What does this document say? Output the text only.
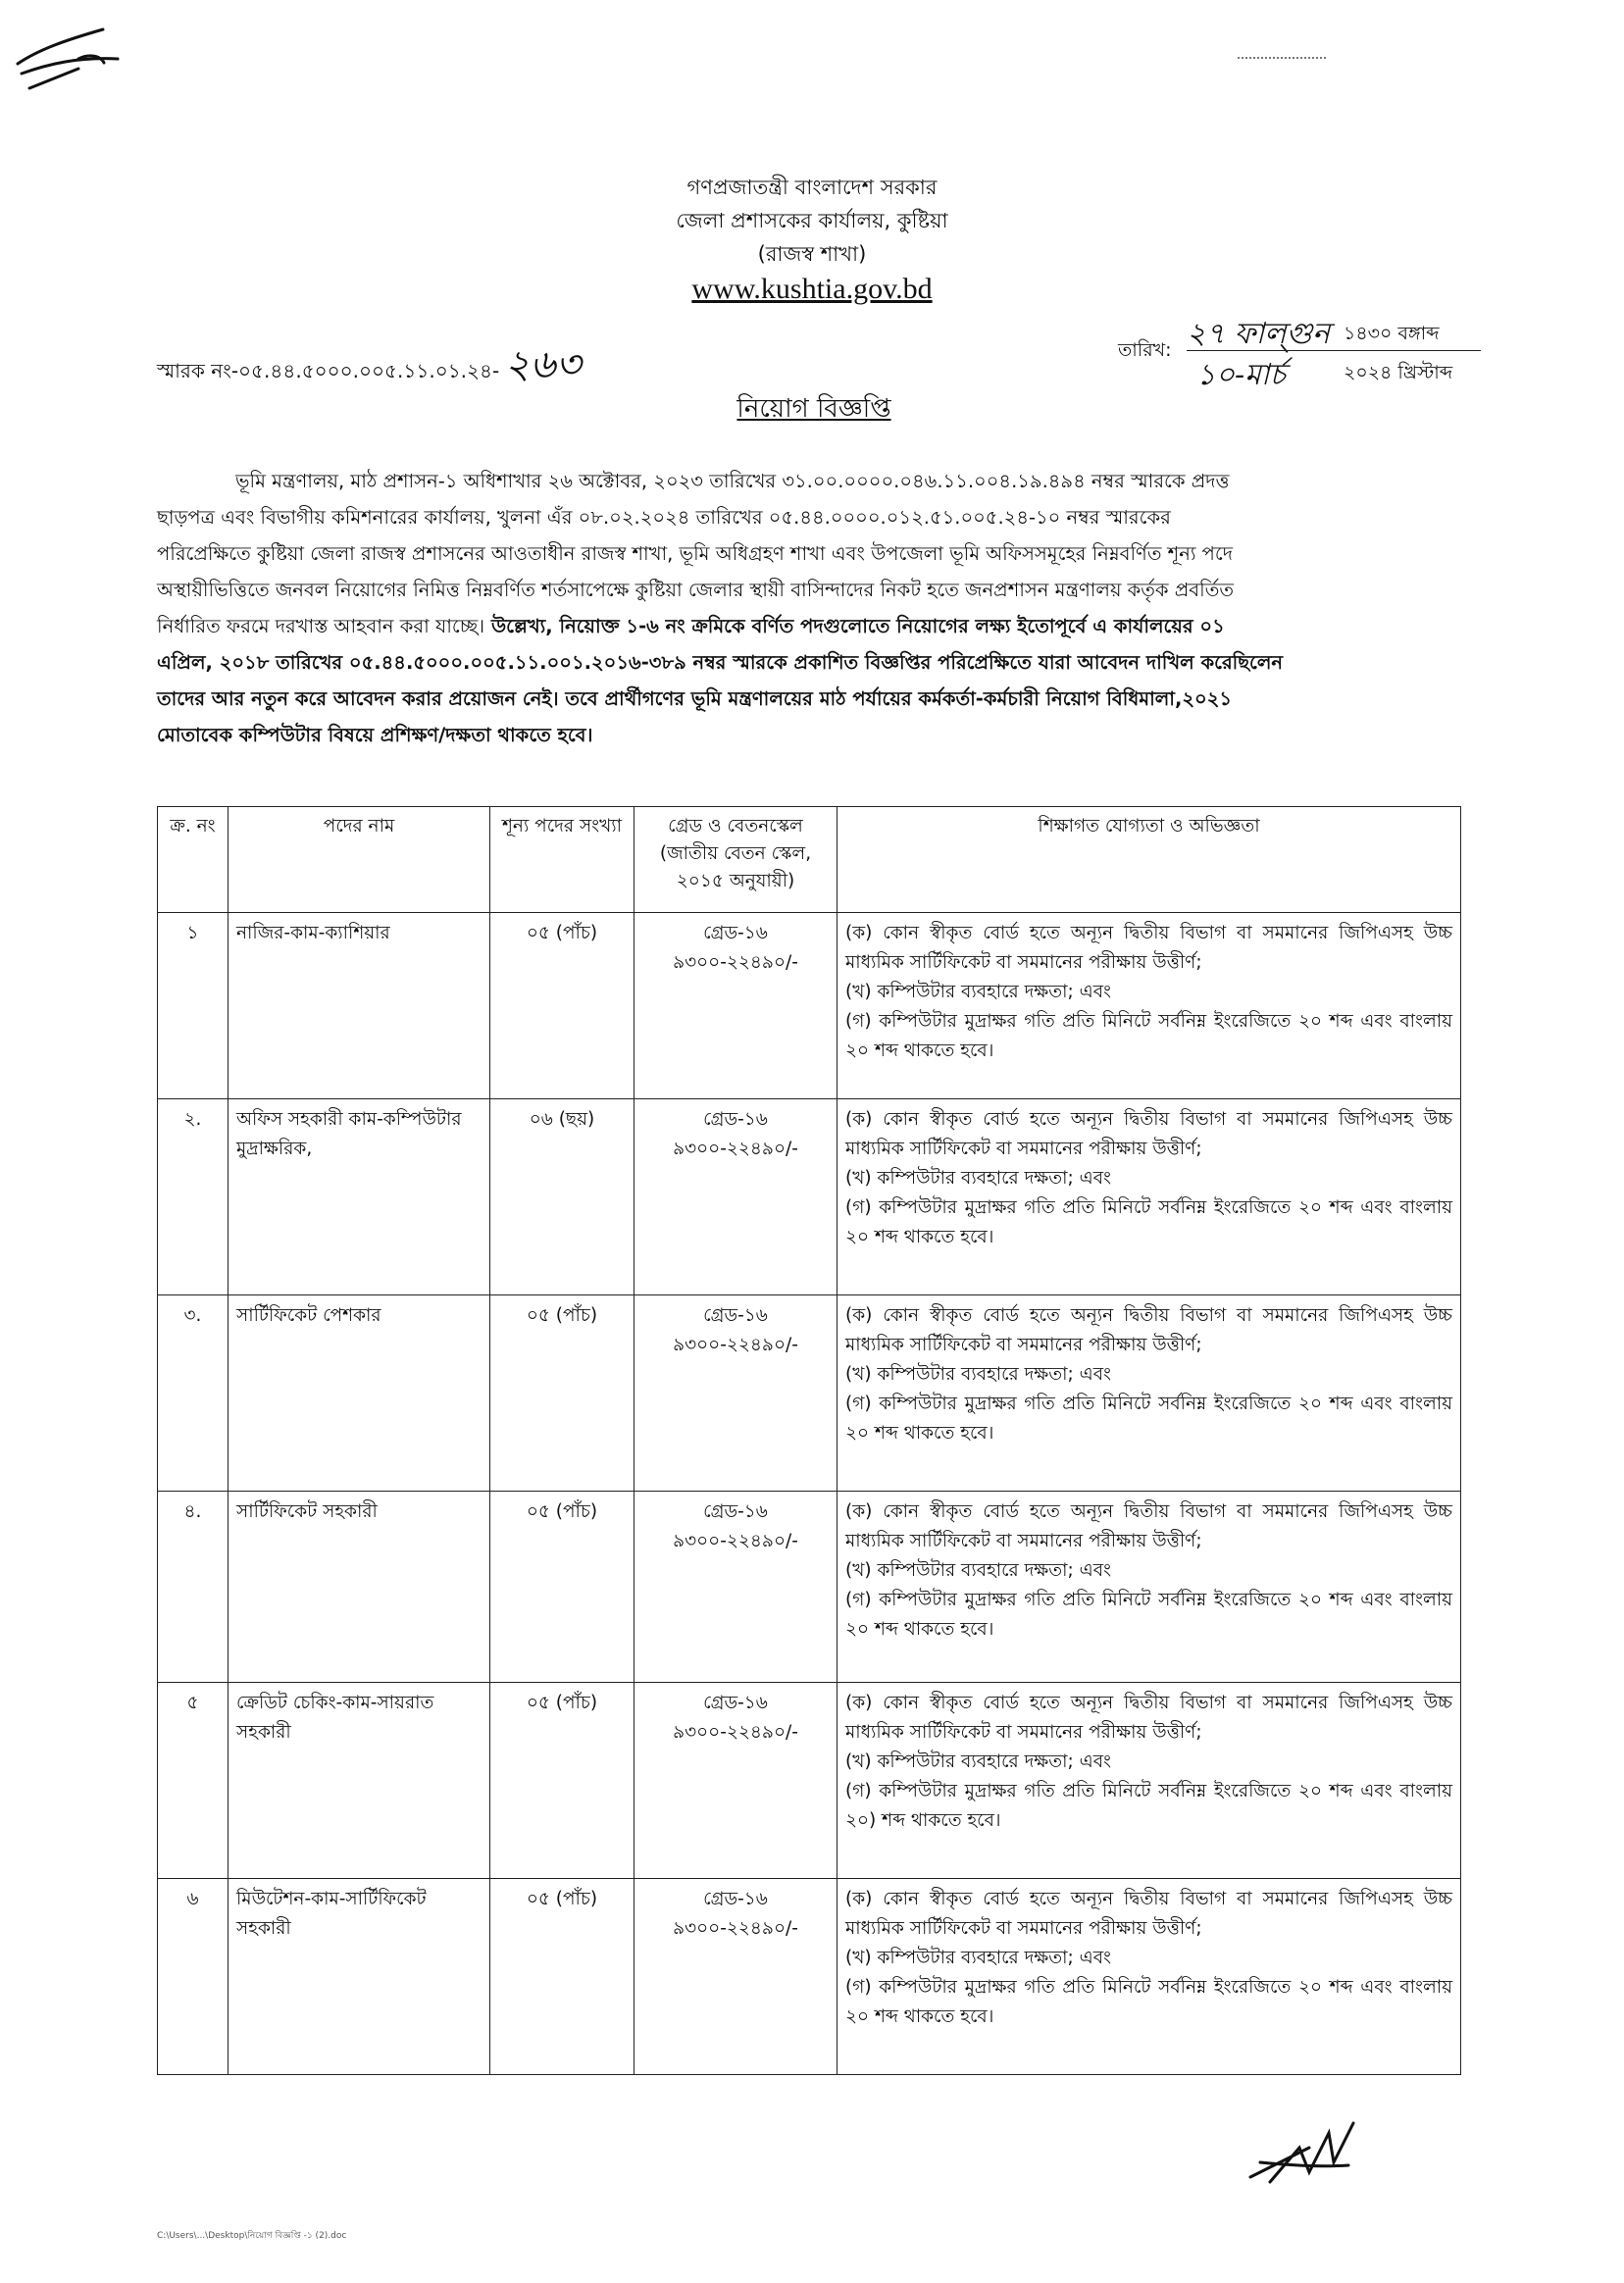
গণপ্রজাতন্ত্রী বাংলাদেশ সরকার
জেলা প্রশাসকের কার্যালয়, কুষ্টিয়া
(রাজস্ব শাখা)
www.kushtia.gov.bd
স্মারক নং-০৫.৪৪.৫০০০.০০৫.১১.০১.২৪- ২৬৩
২৭ ফাল্গুন ১৪৩০ বঙ্গাব্দ
তারিখ:
১০-মার্চ	২০২৪ খ্রিস্টাব্দ
নিয়োগ বিজ্ঞপ্তি
ভূমি মন্ত্রণালয়, মাঠ প্রশাসন-১ অধিশাখার ২৬ অক্টোবর, ২০২৩ তারিখের ৩১.০০.০০০০.০৪৬.১১.০০৪.১৯.৪৯৪ নম্বর স্মারকে প্রদত্ত
ছাড়পত্র এবং বিভাগীয় কমিশনারের কার্যালয়, খুলনা এঁর ০৮.০২.২০২৪ তারিখের ০৫.৪৪.০০০০.০১২.৫১.০০৫.২৪-১০ নম্বর স্মারকের
পরিপ্রেক্ষিতে কুষ্টিয়া জেলা রাজস্ব প্রশাসনের আওতাধীন রাজস্ব শাখা, ভূমি অধিগ্রহণ শাখা এবং উপজেলা ভূমি অফিসসমূহের নিম্নবর্ণিত শূন্য পদে
অস্থায়ীভিত্তিতে জনবল নিয়োগের নিমিত্ত নিম্নবর্ণিত শর্তসাপেক্ষে কুষ্টিয়া জেলার স্থায়ী বাসিন্দাদের নিকট হতে জনপ্রশাসন মন্ত্রণালয় কর্তৃক প্রবর্তিত
নির্ধারিত ফরমে দরখাস্ত আহবান করা যাচ্ছে। উল্লেখ্য, নিয়োক্ত ১-৬ নং ক্রমিকে বর্ণিত পদগুলোতে নিয়োগের লক্ষ্য ইতোপূর্বে এ কার্যালয়ের ০১
এপ্রিল, ২০১৮ তারিখের ০৫.৪৪.৫০০০.০০৫.১১.০০১.২০১৬-৩৮৯ নম্বর স্মারকে প্রকাশিত বিজ্ঞপ্তির পরিপ্রেক্ষিতে যারা আবেদন দাখিল করেছিলেন
তাদের আর নতুন করে আবেদন করার প্রয়োজন নেই। তবে প্রার্থীগণের ভূমি মন্ত্রণালয়ের মাঠ পর্যায়ের কর্মকর্তা-কর্মচারী নিয়োগ বিধিমালা,২০২১
মোতাবেক কম্পিউটার বিষয়ে প্রশিক্ষণ/দক্ষতা থাকতে হবে।
ক্র. নং	পদের নাম	শূন্য পদের সংখ্যা	গ্রেড ও বেতনস্কেল (জাতীয় বেতন স্কেল, ২০১৫ অনুযায়ী)	শিক্ষাগত যোগ্যতা ও অভিজ্ঞতা
১	নাজির-কাম-ক্যাশিয়ার	০৫ (পাঁচ)	গ্রেড-১৬
৯৩০০-২২৪৯০/-	(ক) কোন স্বীকৃত বোর্ড হতে অন্যূন দ্বিতীয় বিভাগ বা সমমানের জিপিএসহ উচ্চ মাধ্যমিক সার্টিফিকেট বা সমমানের পরীক্ষায় উত্তীর্ণ;
(খ) কম্পিউটার ব্যবহারে দক্ষতা; এবং
(গ) কম্পিউটার মুদ্রাক্ষর গতি প্রতি মিনিটে সর্বনিম্ন ইংরেজিতে ২০ শব্দ এবং বাংলায় ২০ শব্দ থাকতে হবে।

২.	অফিস সহকারী কাম-কম্পিউটার মুদ্রাক্ষরিক,	০৬ (ছয়)	গ্রেড-১৬
৯৩০০-২২৪৯০/-	(ক) কোন স্বীকৃত বোর্ড হতে অন্যূন দ্বিতীয় বিভাগ বা সমমানের জিপিএসহ উচ্চ মাধ্যমিক সার্টিফিকেট বা সমমানের পরীক্ষায় উত্তীর্ণ;
(খ) কম্পিউটার ব্যবহারে দক্ষতা; এবং
(গ) কম্পিউটার মুদ্রাক্ষর গতি প্রতি মিনিটে সর্বনিম্ন ইংরেজিতে ২০ শব্দ এবং বাংলায় ২০ শব্দ থাকতে হবে।

৩.	সার্টিফিকেট পেশকার	০৫ (পাঁচ)	গ্রেড-১৬
৯৩০০-২২৪৯০/-	(ক) কোন স্বীকৃত বোর্ড হতে অন্যূন দ্বিতীয় বিভাগ বা সমমানের জিপিএসহ উচ্চ মাধ্যমিক সার্টিফিকেট বা সমমানের পরীক্ষায় উত্তীর্ণ;
(খ) কম্পিউটার ব্যবহারে দক্ষতা; এবং
(গ) কম্পিউটার মুদ্রাক্ষর গতি প্রতি মিনিটে সর্বনিম্ন ইংরেজিতে ২০ শব্দ এবং বাংলায় ২০ শব্দ থাকতে হবে।

৪.	সার্টিফিকেট সহকারী	০৫ (পাঁচ)	গ্রেড-১৬
৯৩০০-২২৪৯০/-	(ক) কোন স্বীকৃত বোর্ড হতে অন্যূন দ্বিতীয় বিভাগ বা সমমানের জিপিএসহ উচ্চ মাধ্যমিক সার্টিফিকেট বা সমমানের পরীক্ষায় উত্তীর্ণ;
(খ) কম্পিউটার ব্যবহারে দক্ষতা; এবং
(গ) কম্পিউটার মুদ্রাক্ষর গতি প্রতি মিনিটে সর্বনিম্ন ইংরেজিতে ২০ শব্দ এবং বাংলায় ২০ শব্দ থাকতে হবে।

৫	ক্রেডিট চেকিং-কাম-সায়রাত সহকারী	০৫ (পাঁচ)	গ্রেড-১৬
৯৩০০-২২৪৯০/-	(ক) কোন স্বীকৃত বোর্ড হতে অন্যূন দ্বিতীয় বিভাগ বা সমমানের জিপিএসহ উচ্চ মাধ্যমিক সার্টিফিকেট বা সমমানের পরীক্ষায় উত্তীর্ণ;
(খ) কম্পিউটার ব্যবহারে দক্ষতা; এবং
(গ) কম্পিউটার মুদ্রাক্ষর গতি প্রতি মিনিটে সর্বনিম্ন ইংরেজিতে ২০ শব্দ এবং বাংলায় ২০) শব্দ থাকতে হবে।

৬	মিউটেশন-কাম-সার্টিফিকেট সহকারী	০৫ (পাঁচ)	গ্রেড-১৬
৯৩০০-২২৪৯০/-	(ক) কোন স্বীকৃত বোর্ড হতে অন্যূন দ্বিতীয় বিভাগ বা সমমানের জিপিএসহ উচ্চ মাধ্যমিক সার্টিফিকেট বা সমমানের পরীক্ষায় উত্তীর্ণ;
(খ) কম্পিউটার ব্যবহারে দক্ষতা; এবং
(গ) কম্পিউটার মুদ্রাক্ষর গতি প্রতি মিনিটে সর্বনিম্ন ইংরেজিতে ২০ শব্দ এবং বাংলায় ২০ শব্দ থাকতে হবে।
C:\Users\...\Desktop\নিয়োগ বিজ্ঞপ্তি -১ (2).doc
